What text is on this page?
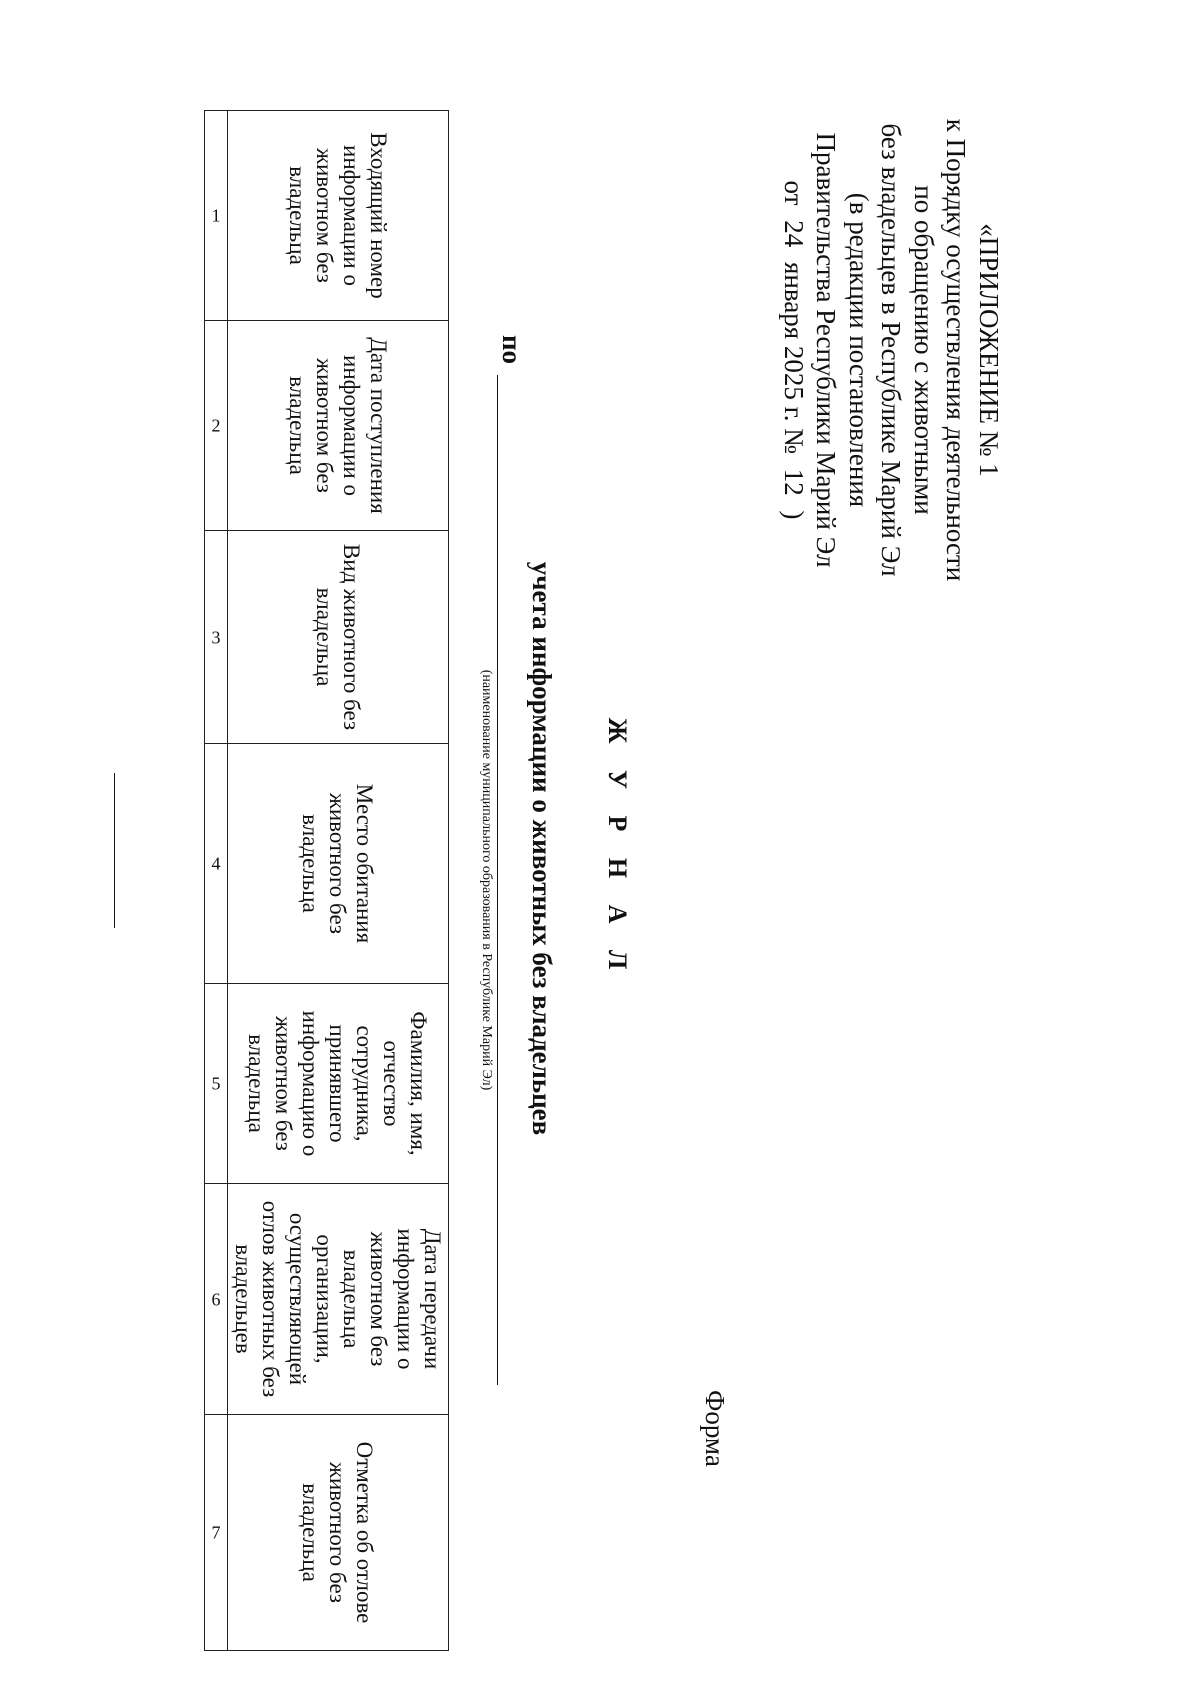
«ПРИЛОЖЕНИЕ № 1
к Порядку осуществления деятельности
по обращению с животными
без владельцев в Республике Марий Эл
(в редакции постановления
Правительства Республики Марий Эл
от 24 января 2025 г. № 12 )
Форма
Ж У Р Н А Л
учета информации о животных без владельцев
по
(наименование муниципального образования в Республике Марий Эл)
Входящий номер информации о животном без владельца	Дата поступления информации о животном без владельца	Вид животного без владельца	Место обитания животного без владельца	Фамилия, имя, отчество сотрудника, принявшего информацию о животном без владельца	Дата передачи информации о животном без владельца организации, осуществляющей отлов животных без владельцев	Отметка об отлове животного без владельца
1	2	3	4	5	6	7
